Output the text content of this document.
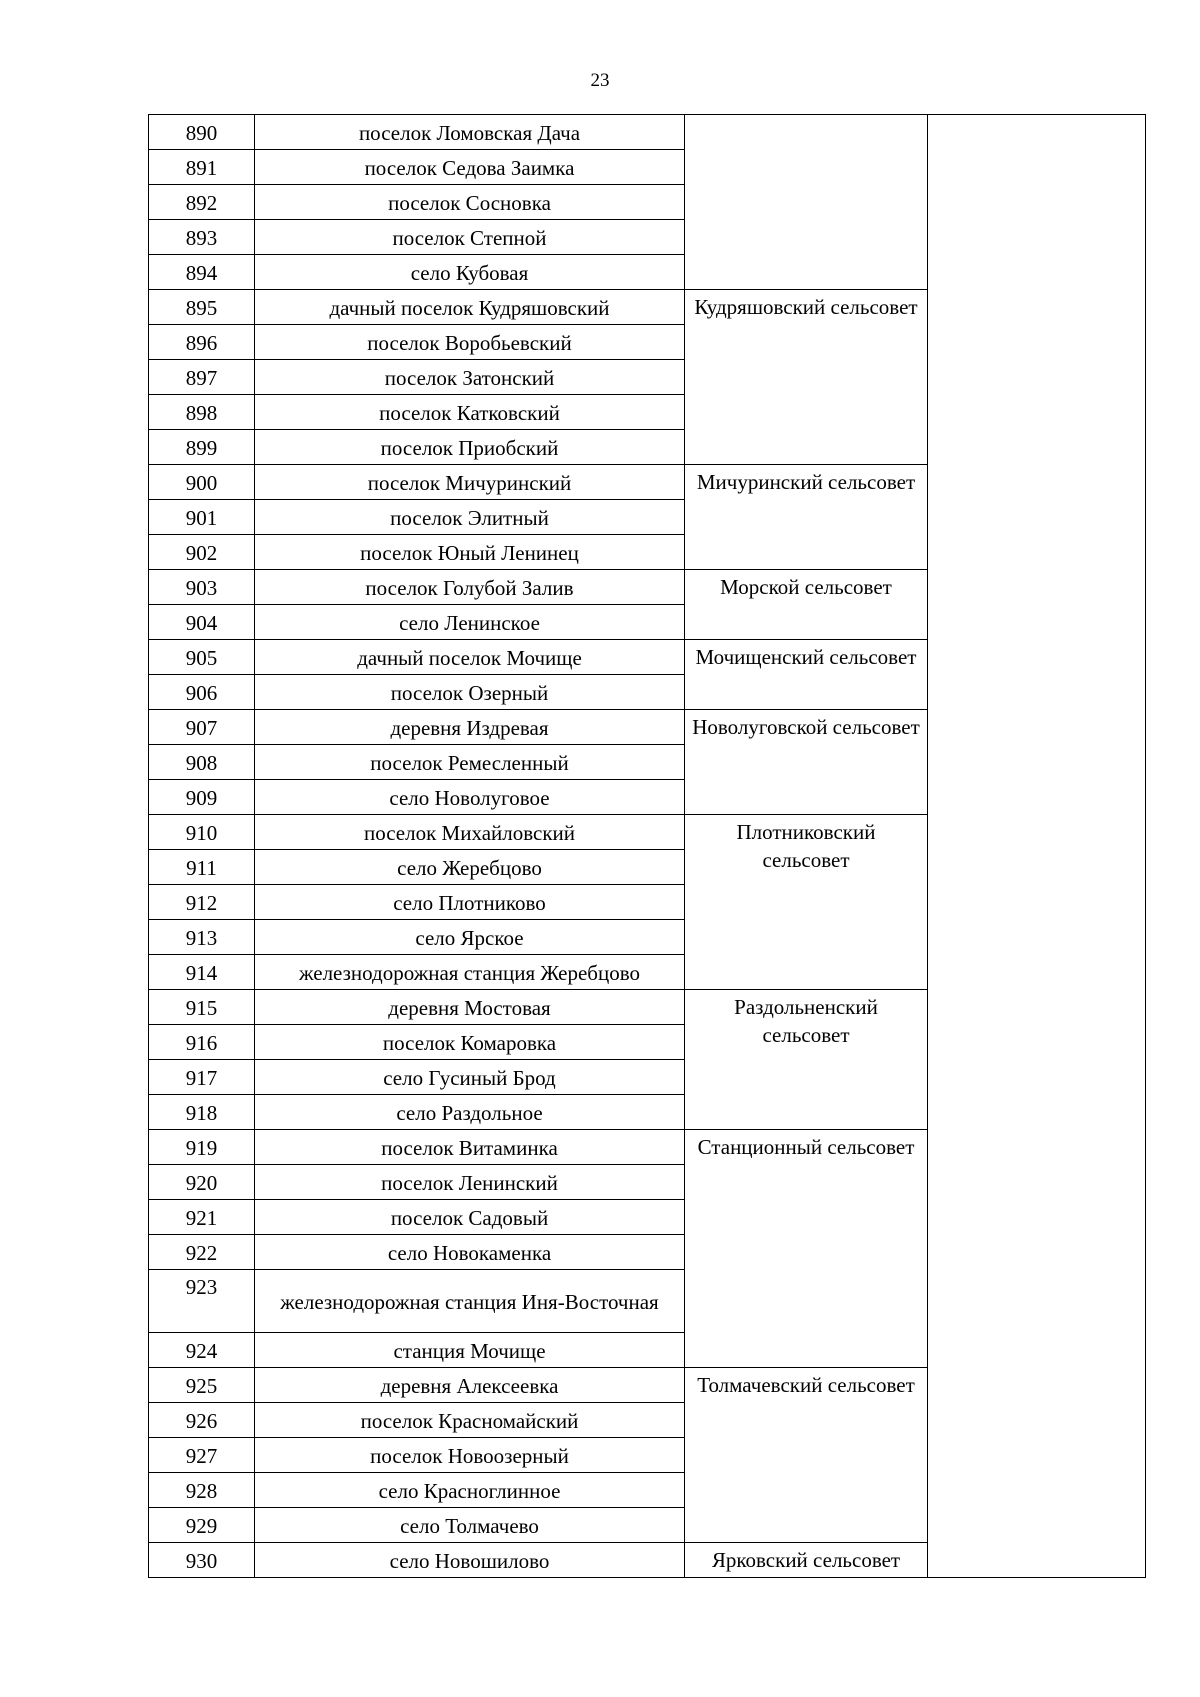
23
890	поселок Ломовская Дача		
891	поселок Седова Заимка		
892	поселок Сосновка		
893	поселок Степной		
894	село Кубовая		
895	дачный поселок Кудряшовский	Кудряшовский сельсовет	
896	поселок Воробьевский		
897	поселок Затонский		
898	поселок Катковский		
899	поселок Приобский		
900	поселок Мичуринский	Мичуринский сельсовет	
901	поселок Элитный		
902	поселок Юный Ленинец		
903	поселок Голубой Залив	Морской сельсовет	
904	село Ленинское		
905	дачный поселок Мочище	Мочищенский сельсовет	
906	поселок Озерный		
907	деревня Издревая	Новолуговской сельсовет	
908	поселок Ремесленный		
909	село Новолуговое		
910	поселок Михайловский	Плотниковский сельсовет	
911	село Жеребцово		
912	село Плотниково		
913	село Ярское		
914	железнодорожная станция Жеребцово		
915	деревня Мостовая	Раздольненский сельсовет	
916	поселок Комаровка		
917	село Гусиный Брод		
918	село Раздольное		
919	поселок Витаминка	Станционный сельсовет	
920	поселок Ленинский		
921	поселок Садовый		
922	село Новокаменка		
923	железнодорожная станция Иня-Восточная		
924	станция Мочище		
925	деревня Алексеевка	Толмачевский сельсовет	
926	поселок Красномайский		
927	поселок Новоозерный		
928	село Красноглинное		
929	село Толмачево		
930	село Новошилово	Ярковский сельсовет	
